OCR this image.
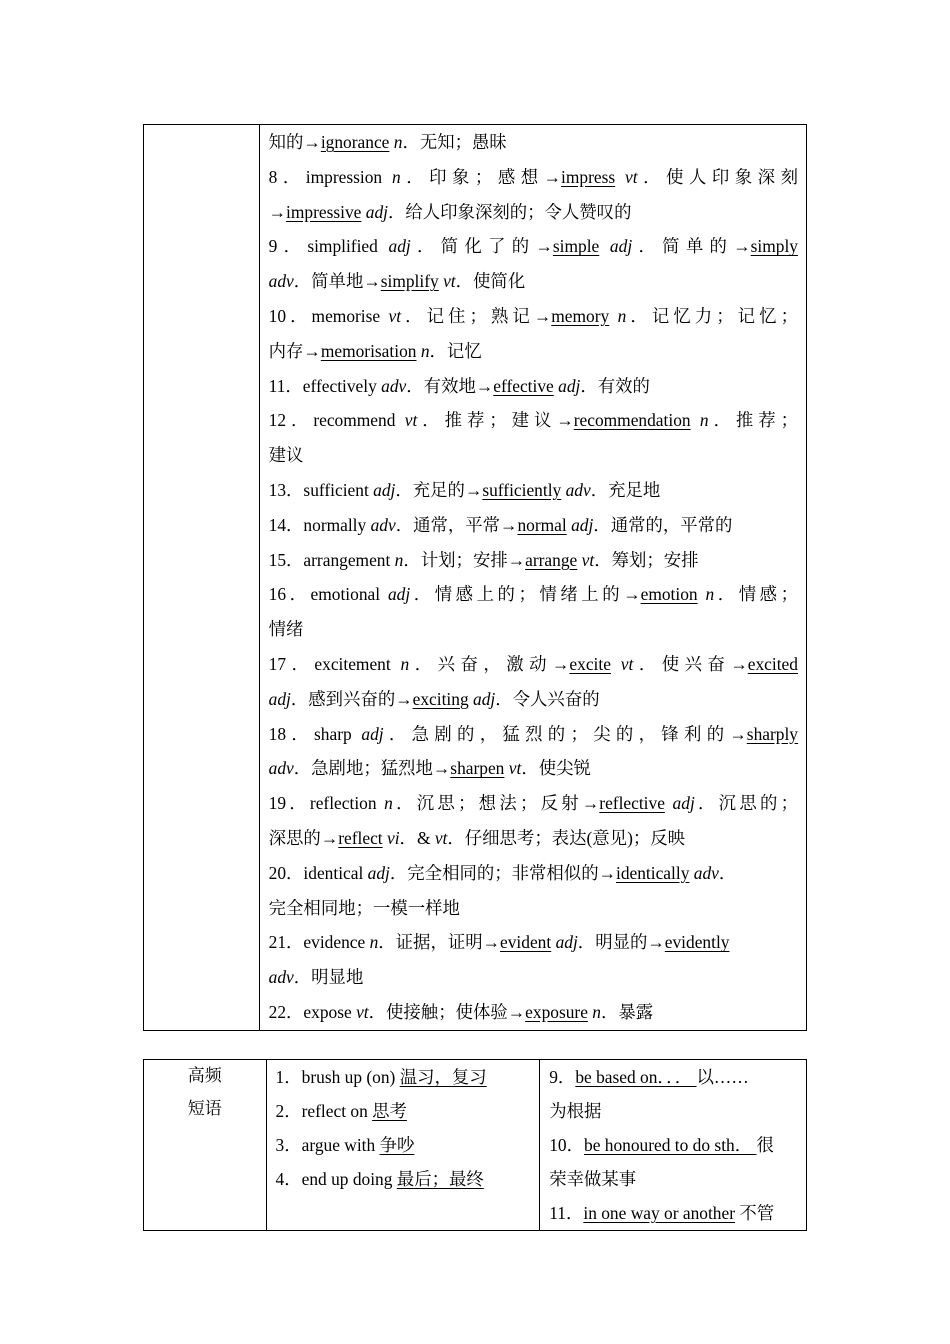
知的→ignorance n．无知；愚昧
8．impression n．印象；感想→impress vt．使人印象深刻
→impressive adj．给人印象深刻的；令人赞叹的
9．simplified adj．简化了的→simple adj．简单的→simply
adv．简单地→simplify vt．使简化
10．memorise vt．记住；熟记→memory n．记忆力；记忆；
内存→memorisation n．记忆
11．effectively adv．有效地→effective adj．有效的
12．recommend vt．推荐；建议→recommendation n．推荐；
建议
13．sufficient adj．充足的→sufficiently adv．充足地
14．normally adv．通常，平常→normal adj．通常的，平常的
15．arrangement n．计划；安排→arrange vt．筹划；安排
16．emotional adj．情感上的；情绪上的→emotion n．情感；
情绪
17．excitement n．兴奋，激动→excite vt．使兴奋→excited
adj．感到兴奋的→exciting adj．令人兴奋的
18．sharp adj．急剧的，猛烈的；尖的，锋利的→sharply
adv．急剧地；猛烈地→sharpen vt．使尖锐
19．reflection n．沉思；想法；反射→reflective adj．沉思的；
深思的→reflect vi．& vt．仔细思考；表达(意见)；反映
20．identical adj．完全相同的；非常相似的→identically adv．
完全相同地；一模一样地
21．evidence n．证据，证明→evident adj．明显的→evidently
adv．明显地
22．expose vt．使接触；使体验→exposure n．暴露
高频
短语

1．brush up (on) 温习，复习
2．reflect on 思考
3．argue with 争吵
4．end up doing 最后；最终

9．be based on．．． 以……
为根据
10．be honoured to do sth． 很
荣幸做某事
11．in one way or another 不管
